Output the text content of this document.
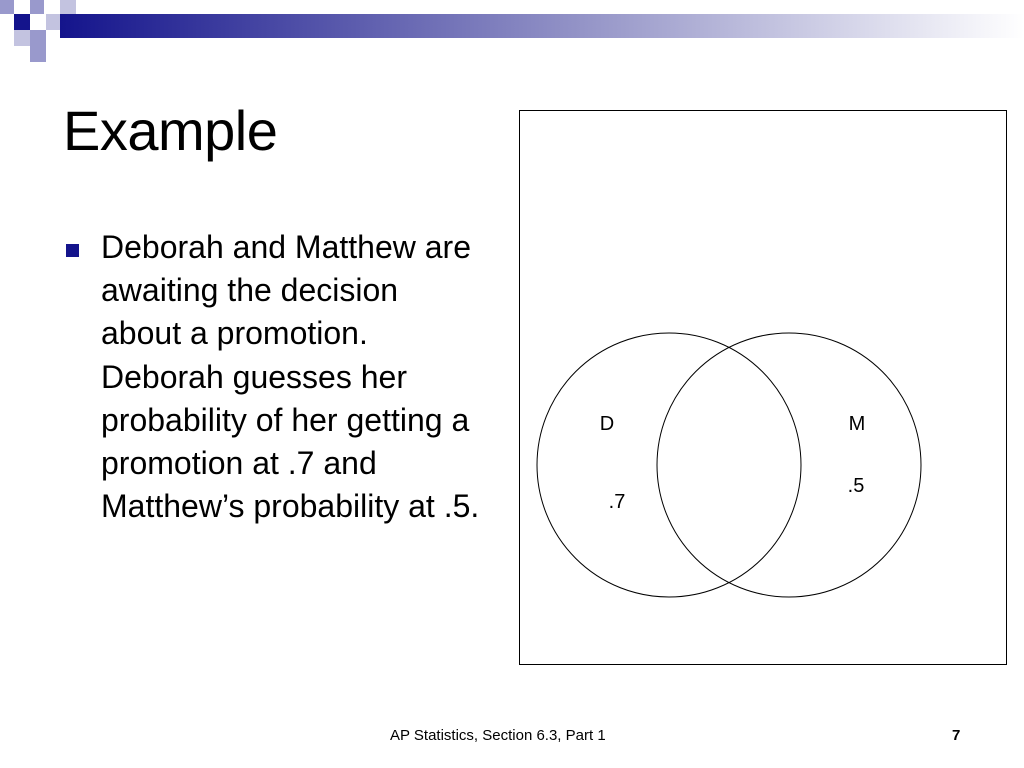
Example
Deborah and Matthew are awaiting the decision about a promotion. Deborah guesses her probability of her getting a promotion at .7 and Matthew’s probability at .5.
D
.7
M
.5
AP Statistics, Section 6.3, Part 1	7
